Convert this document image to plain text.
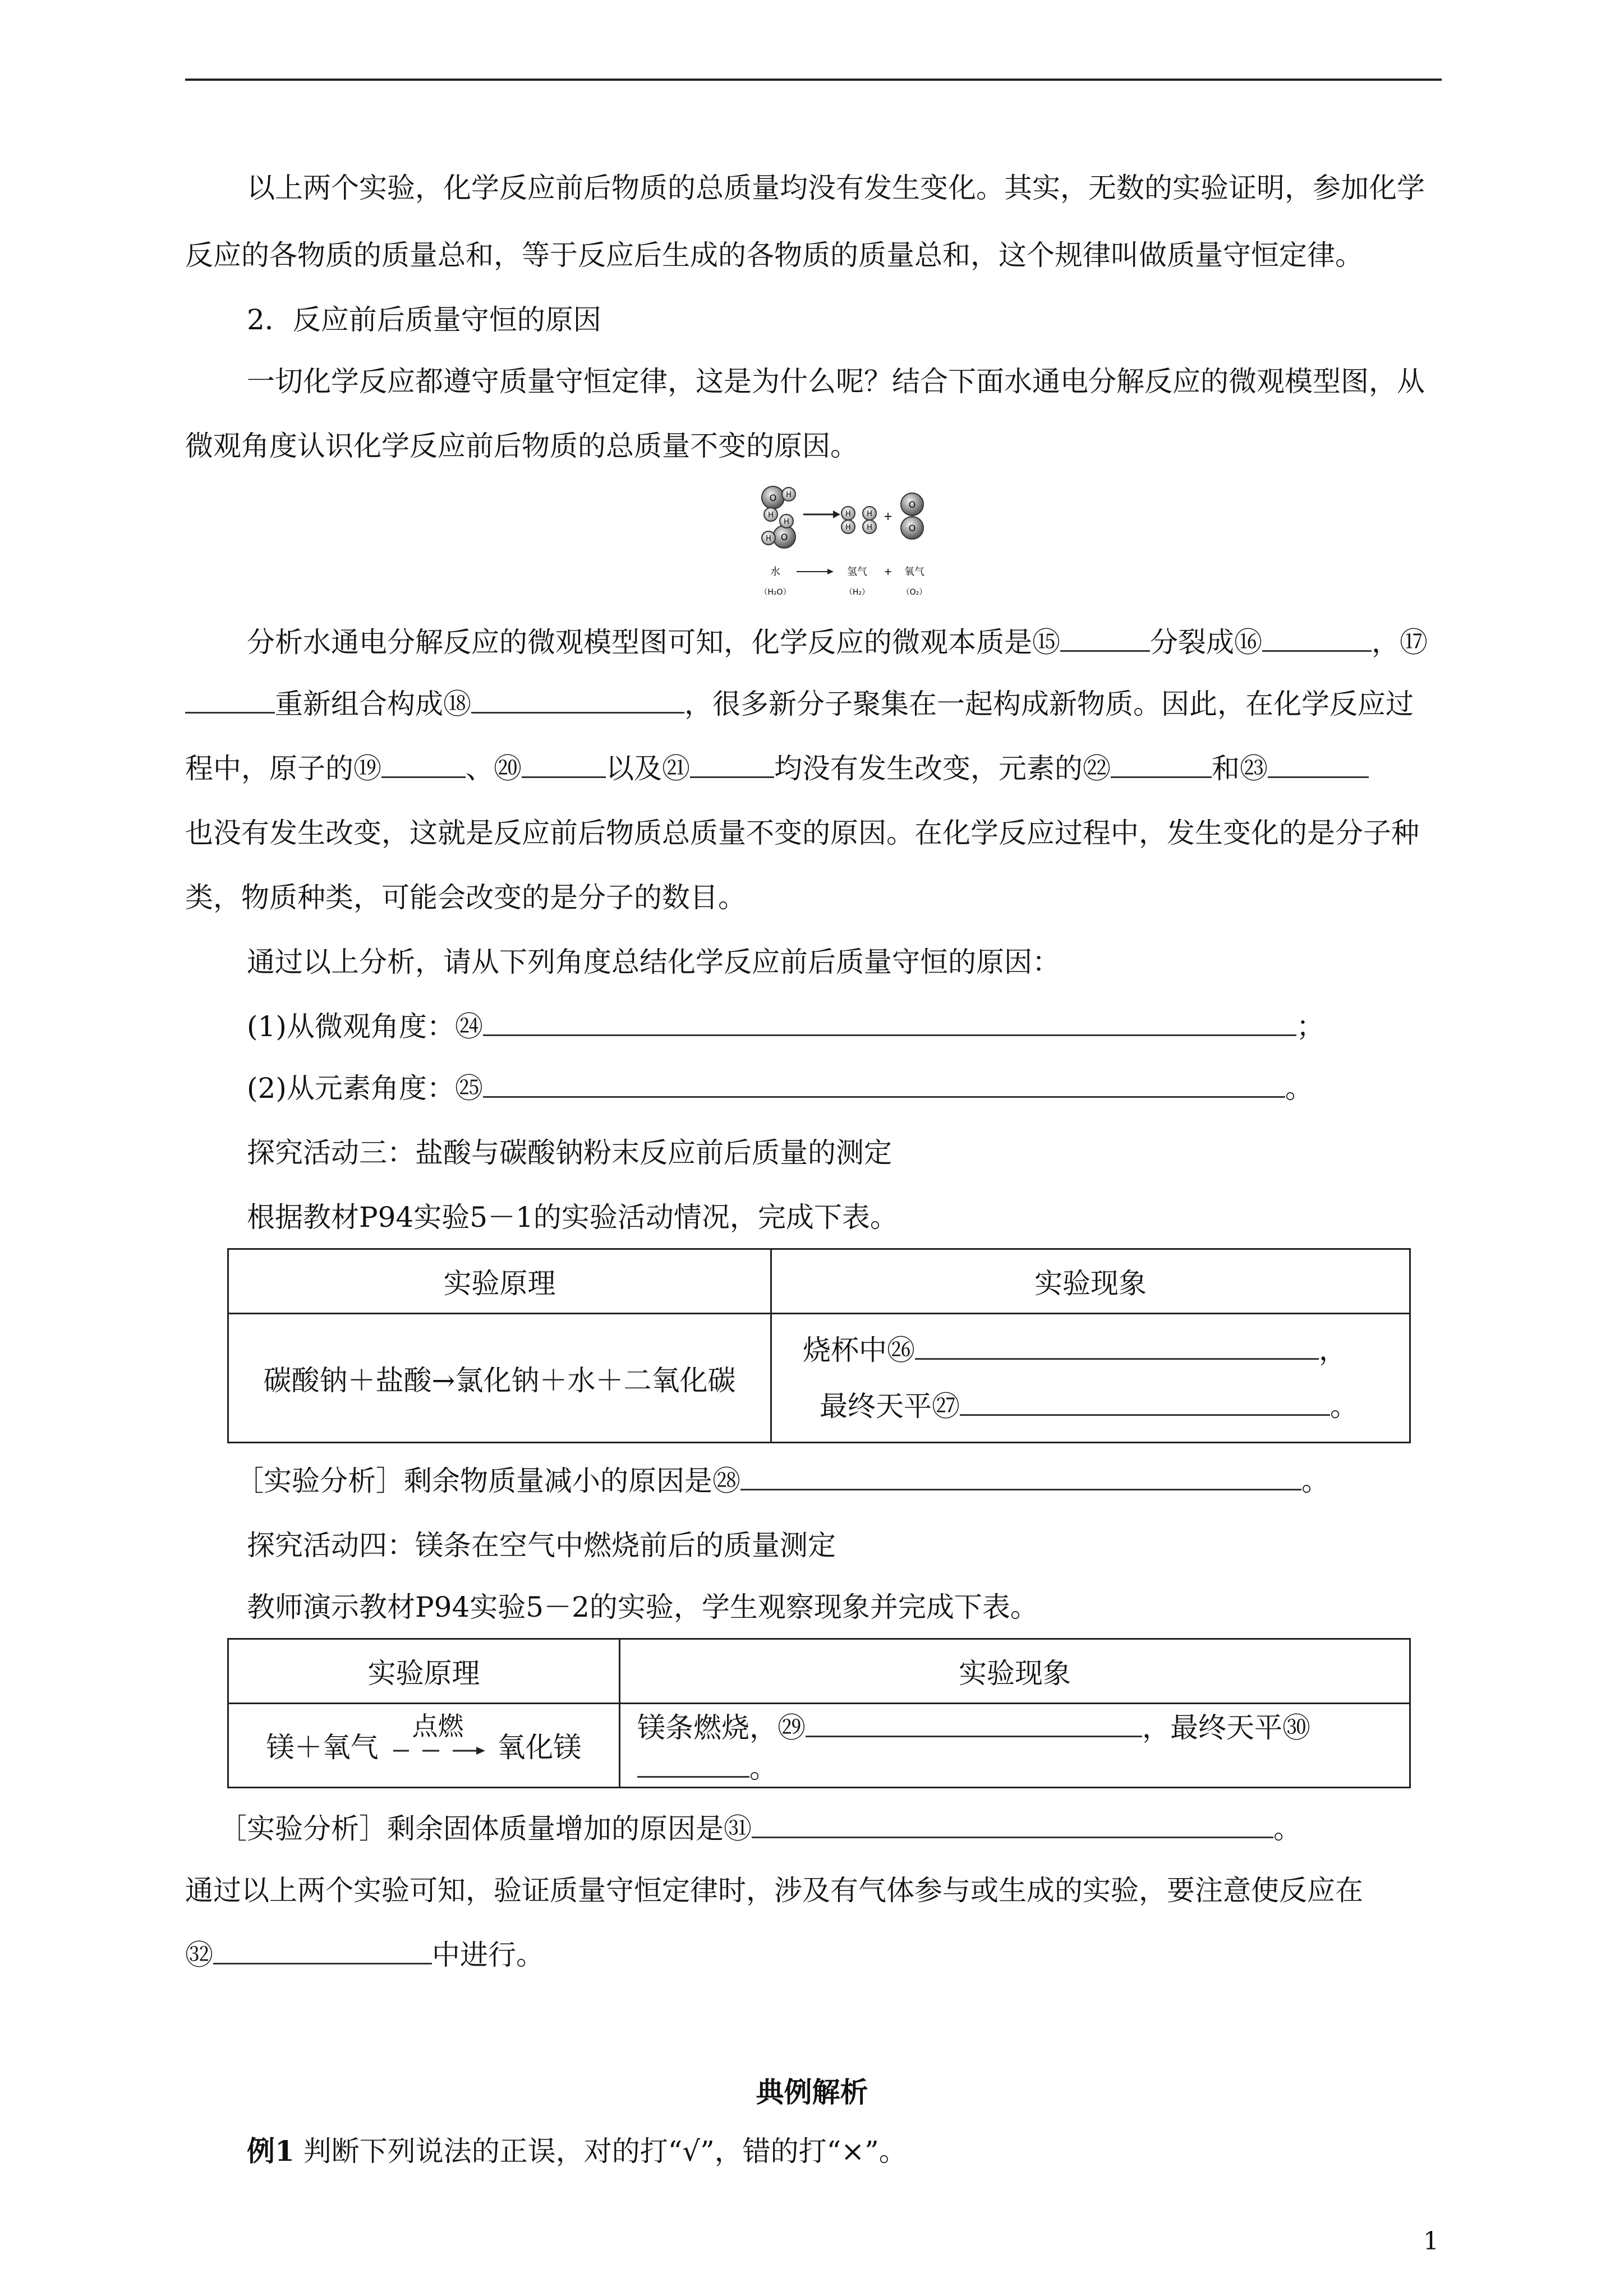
以上两个实验，化学反应前后物质的总质量均没有发生变化。其实，无数的实验证明，参加化学
反应的各物质的质量总和，等于反应后生成的各物质的质量总和，这个规律叫做质量守恒定律。
2．反应前后质量守恒的原因
一切化学反应都遵守质量守恒定律，这是为什么呢？结合下面水通电分解反应的微观模型图，从
微观角度认识化学反应前后物质的总质量不变的原因。
O H
H
O
H
H
H
H
H
H
+
O
O
水	氢气 + 氧气
（H₂O）	（H₂）	（O₂）
分析水通电分解反应的微观模型图可知，化学反应的微观本质是⑮	分裂成⑯	，⑰
重新组合构成⑱	，很多新分子聚集在一起构成新物质。因此，在化学反应过
程中，原子的⑲	、⑳	以及㉑	均没有发生改变，元素的㉒	和㉓
也没有发生改变，这就是反应前后物质总质量不变的原因。在化学反应过程中，发生变化的是分子种
类，物质种类，可能会改变的是分子的数目。
通过以上分析，请从下列角度总结化学反应前后质量守恒的原因：
(1)从微观角度：㉔	；
(2)从元素角度：㉕	。
探究活动三：盐酸与碳酸钠粉末反应前后质量的测定
根据教材P94实验5－1的实验活动情况，完成下表。
实验原理	实验现象
碳酸钠＋盐酸→氯化钠＋水＋二氧化碳	烧杯中㉖ ，
最终天平㉗ 。
［实验分析］剩余物质量减小的原因是㉘	。
探究活动四：镁条在空气中燃烧前后的质量测定
教师演示教材P94实验5－2的实验，学生观察现象并完成下表。
实验原理	实验现象
镁＋氧气
点燃
氧化镁	镁条燃烧，㉙ ，最终天平㉚。
［实验分析］剩余固体质量增加的原因是㉛	。
通过以上两个实验可知，验证质量守恒定律时，涉及有气体参与或生成的实验，要注意使反应在
㉜	中进行。
典例解析
例1 判断下列说法的正误，对的打“√”，错的打“×”。
1
